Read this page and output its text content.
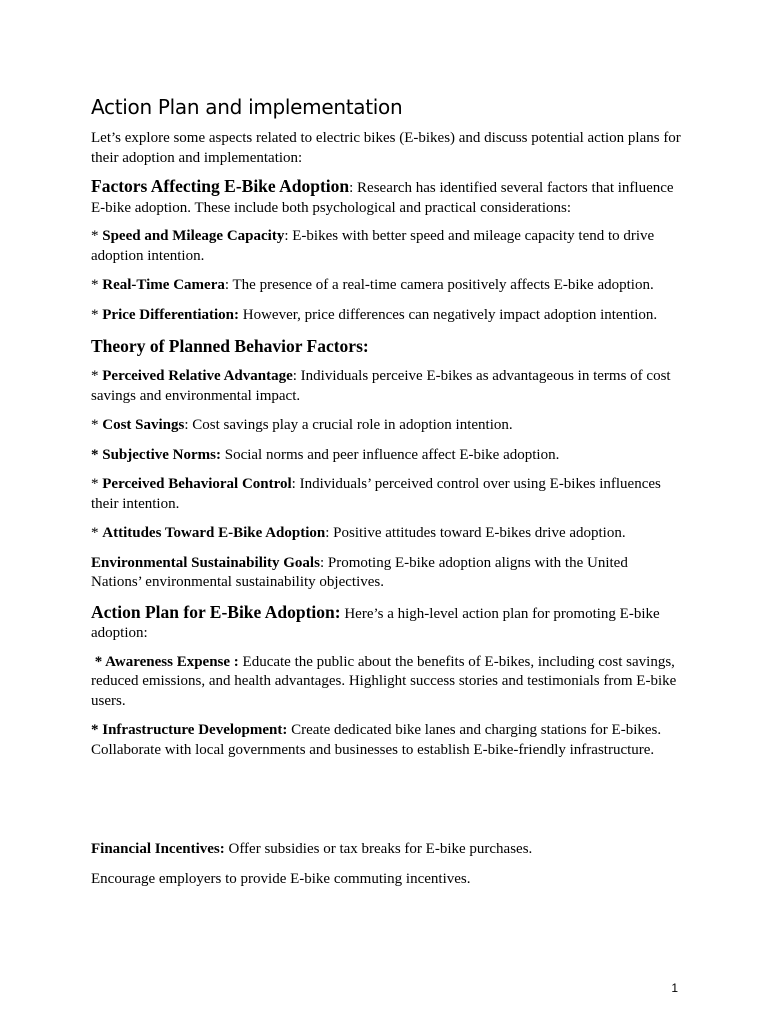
Action Plan and implementation

Let’s explore some aspects related to electric bikes (E-bikes) and discuss potential action plans for their adoption and implementation:

Factors Affecting E-Bike Adoption: Research has identified several factors that influence E-bike adoption. These include both psychological and practical considerations:

* Speed and Mileage Capacity: E-bikes with better speed and mileage capacity tend to drive adoption intention.

* Real-Time Camera: The presence of a real-time camera positively affects E-bike adoption.

* Price Differentiation: However, price differences can negatively impact adoption intention.

Theory of Planned Behavior Factors:

* Perceived Relative Advantage: Individuals perceive E-bikes as advantageous in terms of cost savings and environmental impact.

* Cost Savings: Cost savings play a crucial role in adoption intention.

* Subjective Norms: Social norms and peer influence affect E-bike adoption.

* Perceived Behavioral Control: Individuals’ perceived control over using E-bikes influences their intention.

* Attitudes Toward E-Bike Adoption: Positive attitudes toward E-bikes drive adoption.

Environmental Sustainability Goals: Promoting E-bike adoption aligns with the United Nations’ environmental sustainability objectives.

Action Plan for E-Bike Adoption: Here’s a high-level action plan for promoting E-bike adoption:

* Awareness Expense : Educate the public about the benefits of E-bikes, including cost savings, reduced emissions, and health advantages. Highlight success stories and testimonials from E-bike users.

* Infrastructure Development: Create dedicated bike lanes and charging stations for E-bikes. Collaborate with local governments and businesses to establish E-bike-friendly infrastructure.

Financial Incentives: Offer subsidies or tax breaks for E-bike purchases.

Encourage employers to provide E-bike commuting incentives.

1
